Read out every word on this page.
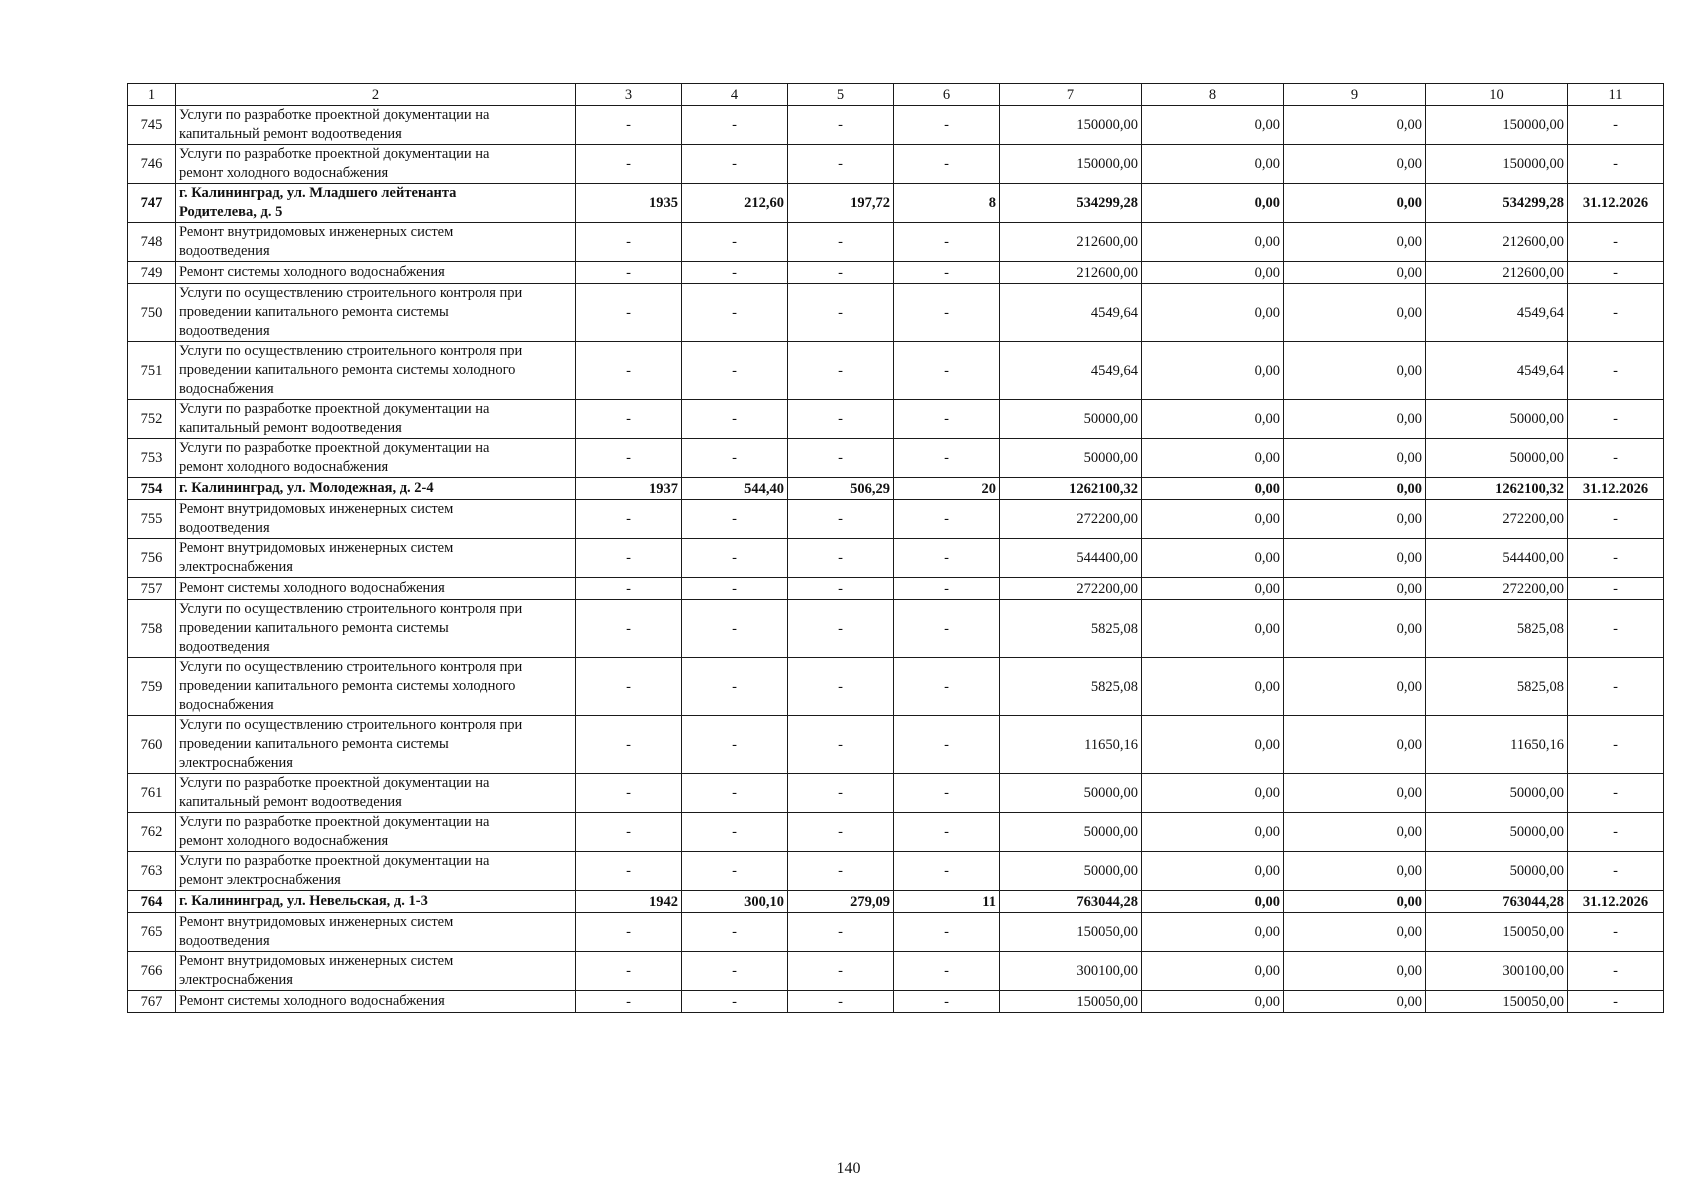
1	2	3	4	5	6	7	8	9	10	11
745	Услуги по разработке проектной документации на
капитальный ремонт водоотведения	-	-	-	-	150000,00	0,00	0,00	150000,00	-
746	Услуги по разработке проектной документации на
ремонт холодного водоснабжения	-	-	-	-	150000,00	0,00	0,00	150000,00	-
747	г. Калининград, ул. Младшего лейтенанта
Родителева, д. 5	1935	212,60	197,72	8	534299,28	0,00	0,00	534299,28	31.12.2026
748	Ремонт внутридомовых инженерных систем
водоотведения	-	-	-	-	212600,00	0,00	0,00	212600,00	-
749	Ремонт системы холодного водоснабжения	-	-	-	-	212600,00	0,00	0,00	212600,00	-
750	Услуги по осуществлению строительного контроля при
проведении капитального ремонта системы
водоотведения	-	-	-	-	4549,64	0,00	0,00	4549,64	-
751	Услуги по осуществлению строительного контроля при
проведении капитального ремонта системы холодного
водоснабжения	-	-	-	-	4549,64	0,00	0,00	4549,64	-
752	Услуги по разработке проектной документации на
капитальный ремонт водоотведения	-	-	-	-	50000,00	0,00	0,00	50000,00	-
753	Услуги по разработке проектной документации на
ремонт холодного водоснабжения	-	-	-	-	50000,00	0,00	0,00	50000,00	-
754	г. Калининград, ул. Молодежная, д. 2-4	1937	544,40	506,29	20	1262100,32	0,00	0,00	1262100,32	31.12.2026
755	Ремонт внутридомовых инженерных систем
водоотведения	-	-	-	-	272200,00	0,00	0,00	272200,00	-
756	Ремонт внутридомовых инженерных систем
электроснабжения	-	-	-	-	544400,00	0,00	0,00	544400,00	-
757	Ремонт системы холодного водоснабжения	-	-	-	-	272200,00	0,00	0,00	272200,00	-
758	Услуги по осуществлению строительного контроля при
проведении капитального ремонта системы
водоотведения	-	-	-	-	5825,08	0,00	0,00	5825,08	-
759	Услуги по осуществлению строительного контроля при
проведении капитального ремонта системы холодного
водоснабжения	-	-	-	-	5825,08	0,00	0,00	5825,08	-
760	Услуги по осуществлению строительного контроля при
проведении капитального ремонта системы
электроснабжения	-	-	-	-	11650,16	0,00	0,00	11650,16	-
761	Услуги по разработке проектной документации на
капитальный ремонт водоотведения	-	-	-	-	50000,00	0,00	0,00	50000,00	-
762	Услуги по разработке проектной документации на
ремонт холодного водоснабжения	-	-	-	-	50000,00	0,00	0,00	50000,00	-
763	Услуги по разработке проектной документации на
ремонт электроснабжения	-	-	-	-	50000,00	0,00	0,00	50000,00	-
764	г. Калининград, ул. Невельская, д. 1-3	1942	300,10	279,09	11	763044,28	0,00	0,00	763044,28	31.12.2026
765	Ремонт внутридомовых инженерных систем
водоотведения	-	-	-	-	150050,00	0,00	0,00	150050,00	-
766	Ремонт внутридомовых инженерных систем
электроснабжения	-	-	-	-	300100,00	0,00	0,00	300100,00	-
767	Ремонт системы холодного водоснабжения	-	-	-	-	150050,00	0,00	0,00	150050,00	-
140
